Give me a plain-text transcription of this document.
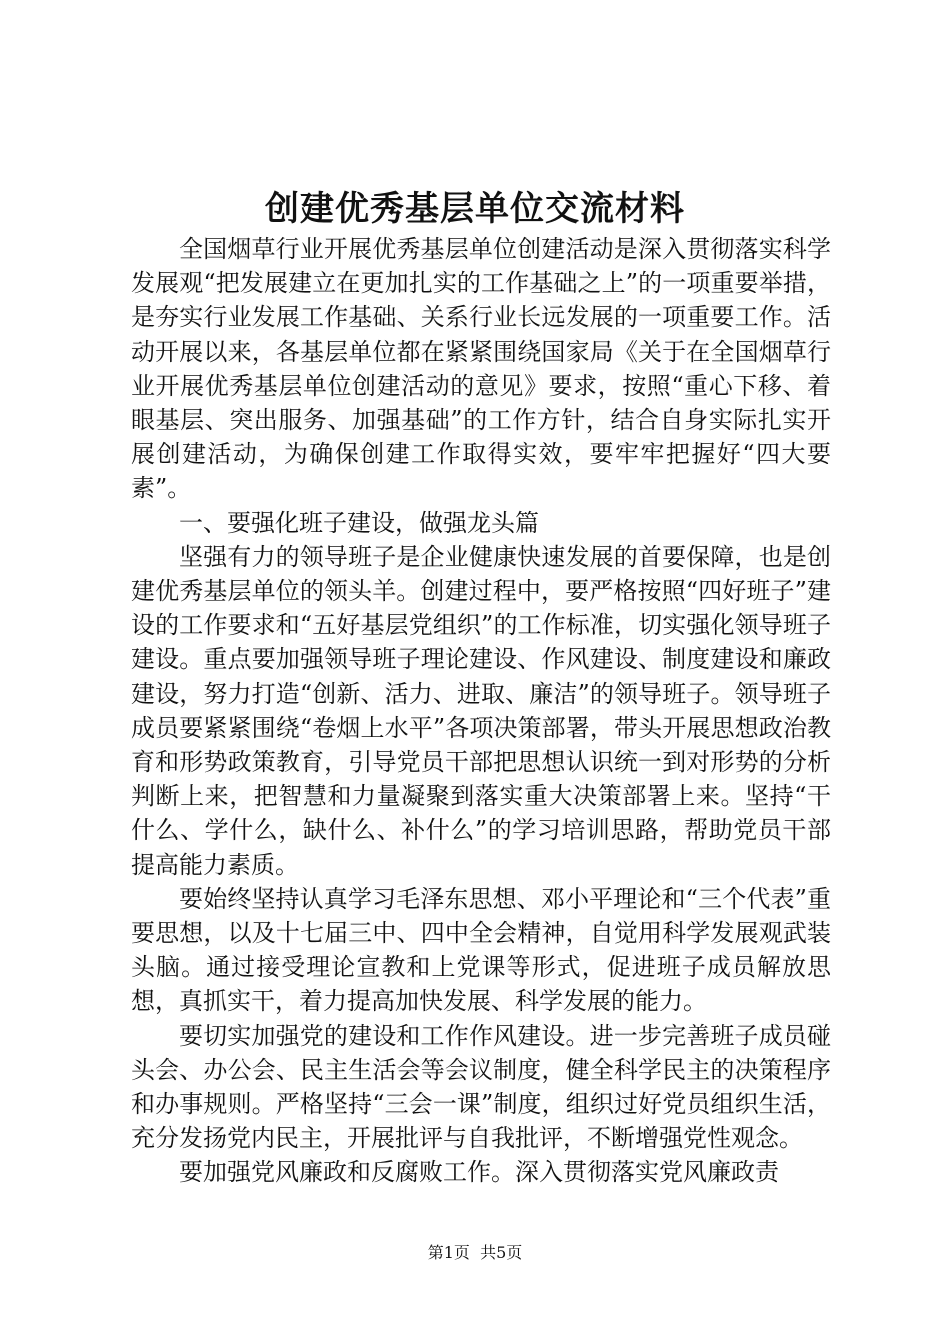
创建优秀基层单位交流材料

全国烟草行业开展优秀基层单位创建活动是深入贯彻落实科学发展观“把发展建立在更加扎实的工作基础之上”的一项重要举措，是夯实行业发展工作基础、关系行业长远发展的一项重要工作。活动开展以来，各基层单位都在紧紧围绕国家局《关于在全国烟草行业开展优秀基层单位创建活动的意见》要求，按照“重心下移、着眼基层、突出服务、加强基础”的工作方针，结合自身实际扎实开展创建活动，为确保创建工作取得实效，要牢牢把握好“四大要素”。

一、要强化班子建设，做强龙头篇

坚强有力的领导班子是企业健康快速发展的首要保障，也是创建优秀基层单位的领头羊。创建过程中，要严格按照“四好班子”建设的工作要求和“五好基层党组织”的工作标准，切实强化领导班子建设。重点要加强领导班子理论建设、作风建设、制度建设和廉政建设，努力打造“创新、活力、进取、廉洁”的领导班子。领导班子成员要紧紧围绕“卷烟上水平”各项决策部署，带头开展思想政治教育和形势政策教育，引导党员干部把思想认识统一到对形势的分析判断上来，把智慧和力量凝聚到落实重大决策部署上来。坚持“干什么、学什么，缺什么、补什么”的学习培训思路，帮助党员干部提高能力素质。

要始终坚持认真学习毛泽东思想、邓小平理论和“三个代表”重要思想，以及十七届三中、四中全会精神，自觉用科学发展观武装头脑。通过接受理论宣教和上党课等形式，促进班子成员解放思想，真抓实干，着力提高加快发展、科学发展的能力。

要切实加强党的建设和工作作风建设。进一步完善班子成员碰头会、办公会、民主生活会等会议制度，健全科学民主的决策程序和办事规则。严格坚持“三会一课”制度，组织过好党员组织生活，充分发扬党内民主，开展批评与自我批评，不断增强党性观念。

要加强党风廉政和反腐败工作。深入贯彻落实党风廉政责

第1页  共5页
